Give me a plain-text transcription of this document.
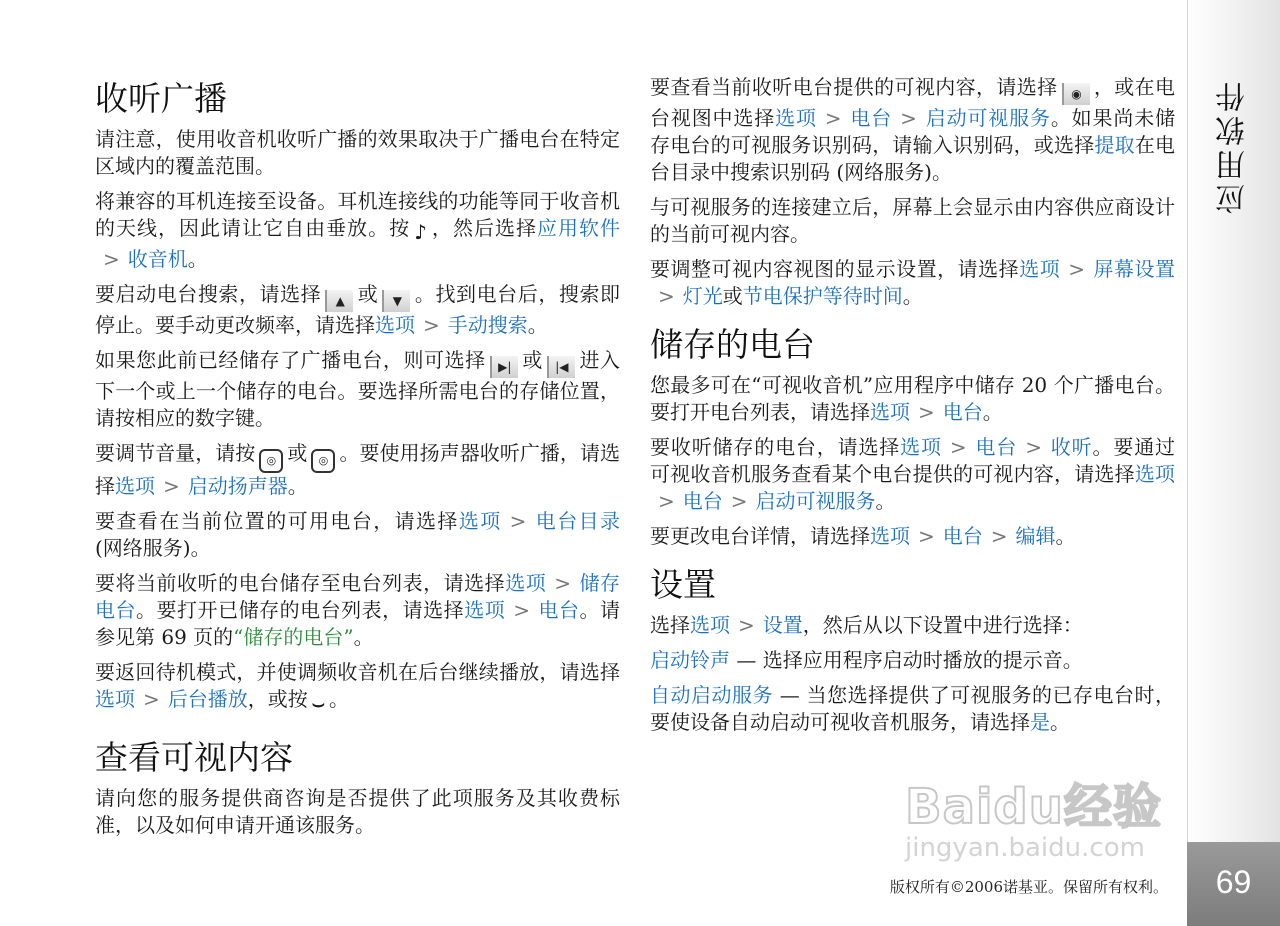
应用软件
69
收听广播

请注意，使用收音机收听广播的效果取决于广播电台在特定区域内的覆盖范围。

将兼容的耳机连接至设备。耳机连接线的功能等同于收音机的天线，因此请让它自由垂放。按 ♪ ，然后选择应用软件> 收音机。

要启动电台搜索，请选择 ▲ 或 ▼ 。找到电台后，搜索即停止。要手动更改频率，请选择选项 > 手动搜索。

如果您此前已经储存了广播电台，则可选择 ▶| 或 |◀ 进入下一个或上一个储存的电台。要选择所需电台的存储位置，请按相应的数字键。

要调节音量，请按 ◎ 或 ◎ 。要使用扬声器收听广播，请选择选项 > 启动扬声器。

要查看在当前位置的可用电台，请选择选项 > 电台目录 (网络服务)。

要将当前收听的电台储存至电台列表，请选择选项 > 储存电台。要打开已储存的电台列表，请选择选项 > 电台。请参见第 69 页的“储存的电台”。

要返回待机模式，并使调频收音机在后台继续播放，请选择选项 > 后台播放，或按 ⌣ 。

查看可视内容

请向您的服务提供商咨询是否提供了此项服务及其收费标准，以及如何申请开通该服务。

要查看当前收听电台提供的可视内容，请选择 ◉ ，或在电台视图中选择选项 > 电台 > 启动可视服务。如果尚未储存电台的可视服务识别码，请输入识别码，或选择提取在电台目录中搜索识别码 (网络服务)。

与可视服务的连接建立后，屏幕上会显示由内容供应商设计的当前可视内容。

要调整可视内容视图的显示设置，请选择选项 > 屏幕设置> 灯光或节电保护等待时间。

储存的电台

您最多可在“可视收音机”应用程序中储存 20 个广播电台。要打开电台列表，请选择选项 > 电台。

要收听储存的电台，请选择选项 > 电台 > 收听。要通过可视收音机服务查看某个电台提供的可视内容，请选择选项> 电台 > 启动可视服务。

要更改电台详情，请选择选项 > 电台 > 编辑。

设置

选择选项 > 设置，然后从以下设置中进行选择：

启动铃声 — 选择应用程序启动时播放的提示音。

自动启动服务 — 当您选择提供了可视服务的已存电台时，要使设备自动启动可视收音机服务，请选择是。

Baidu经验
jingyan.baidu.com
版权所有©2006诺基亚。保留所有权利。
